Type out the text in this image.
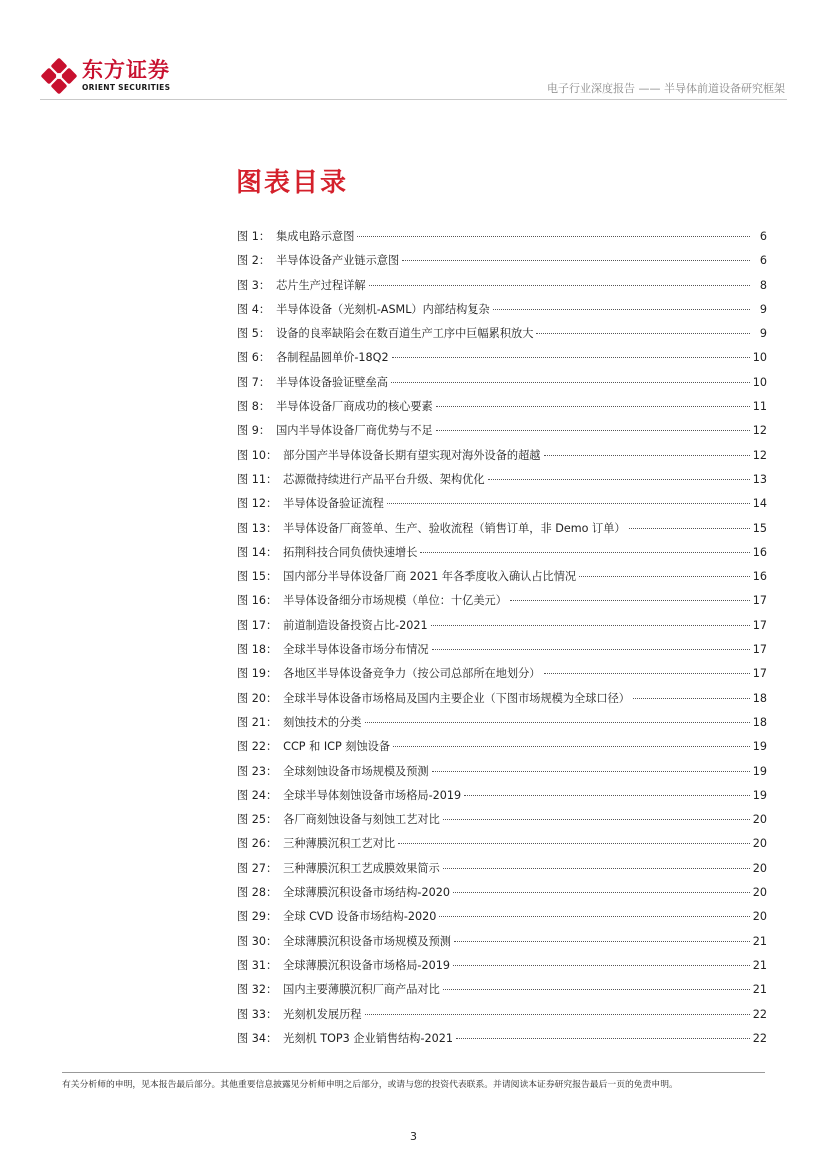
东方证券
ORIENT SECURITIES	电子行业深度报告 —— 半导体前道设备研究框架
图表目录
图 1： 集成电路示意图	6
图 2： 半导体设备产业链示意图	6
图 3： 芯片生产过程详解	8
图 4： 半导体设备（光刻机-ASML）内部结构复杂	9
图 5： 设备的良率缺陷会在数百道生产工序中巨幅累积放大	9
图 6： 各制程晶圆单价-18Q2	10
图 7： 半导体设备验证壁垒高	10
图 8： 半导体设备厂商成功的核心要素	11
图 9： 国内半导体设备厂商优势与不足	12
图 10： 部分国产半导体设备长期有望实现对海外设备的超越	12
图 11： 芯源微持续进行产品平台升级、架构优化	13
图 12： 半导体设备验证流程	14
图 13： 半导体设备厂商签单、生产、验收流程（销售订单，非 Demo 订单）	15
图 14： 拓荆科技合同负债快速增长	16
图 15： 国内部分半导体设备厂商 2021 年各季度收入确认占比情况	16
图 16： 半导体设备细分市场规模（单位：十亿美元）	17
图 17： 前道制造设备投资占比-2021	17
图 18： 全球半导体设备市场分布情况	17
图 19： 各地区半导体设备竞争力（按公司总部所在地划分）	17
图 20： 全球半导体设备市场格局及国内主要企业（下图市场规模为全球口径）	18
图 21： 刻蚀技术的分类	18
图 22： CCP 和 ICP 刻蚀设备	19
图 23： 全球刻蚀设备市场规模及预测	19
图 24： 全球半导体刻蚀设备市场格局-2019	19
图 25： 各厂商刻蚀设备与刻蚀工艺对比	20
图 26： 三种薄膜沉积工艺对比	20
图 27： 三种薄膜沉积工艺成膜效果简示	20
图 28： 全球薄膜沉积设备市场结构-2020	20
图 29： 全球 CVD 设备市场结构-2020	20
图 30： 全球薄膜沉积设备市场规模及预测	21
图 31： 全球薄膜沉积设备市场格局-2019	21
图 32： 国内主要薄膜沉积厂商产品对比	21
图 33： 光刻机发展历程	22
图 34： 光刻机 TOP3 企业销售结构-2021	22
有关分析师的申明，见本报告最后部分。其他重要信息披露见分析师申明之后部分，或请与您的投资代表联系。并请阅读本证券研究报告最后一页的免责申明。
3
